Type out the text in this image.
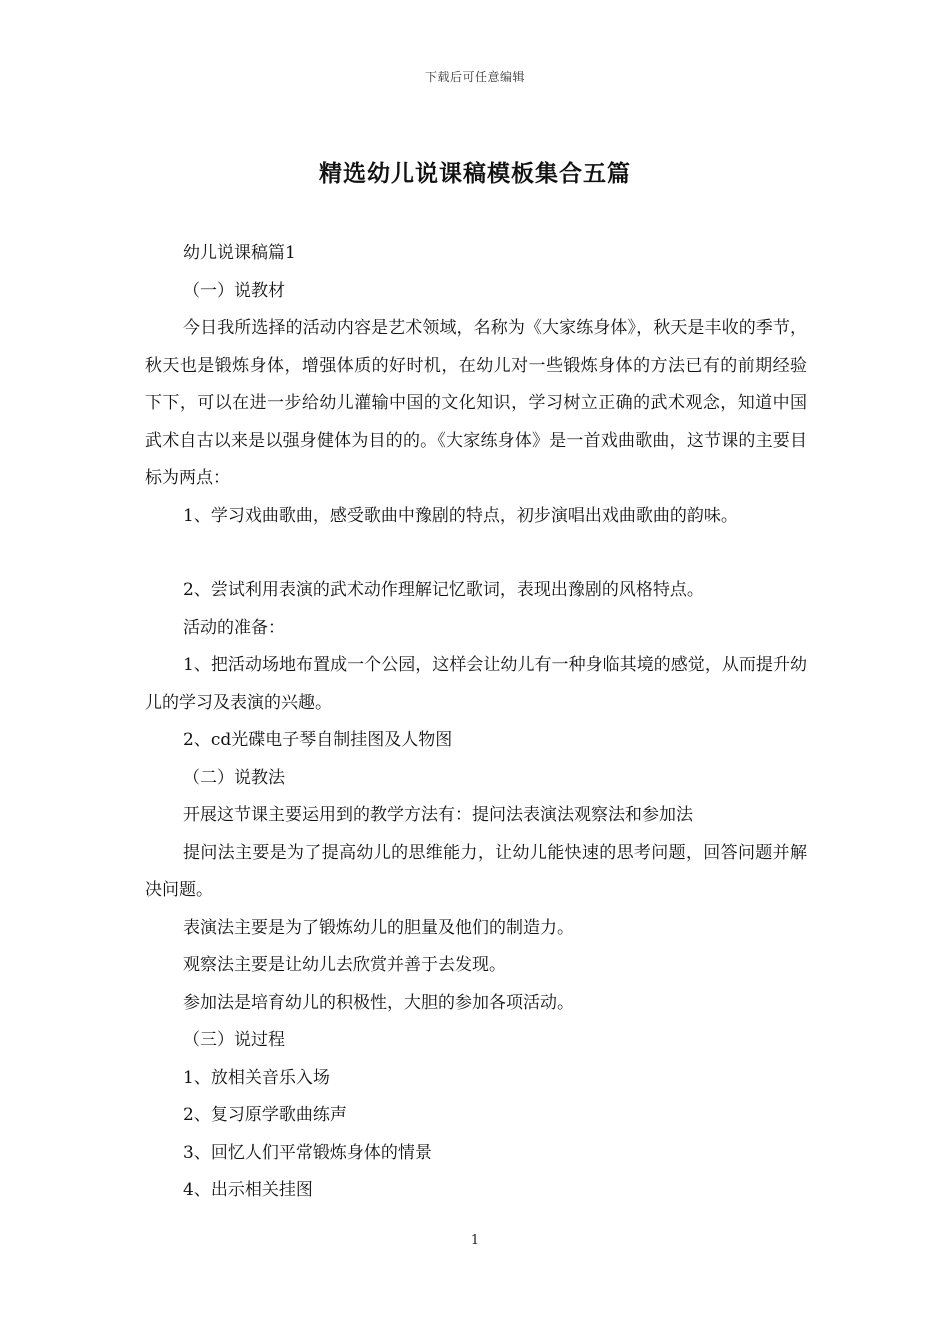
下载后可任意编辑
精选幼儿说课稿模板集合五篇

幼儿说课稿篇1

（一）说教材

今日我所选择的活动内容是艺术领域，名称为《大家练身体》，秋天是丰收的季节，秋天也是锻炼身体，增强体质的好时机，在幼儿对一些锻炼身体的方法已有的前期经验下下，可以在进一步给幼儿灌输中国的文化知识，学习树立正确的武术观念，知道中国武术自古以来是以强身健体为目的的。《大家练身体》是一首戏曲歌曲，这节课的主要目标为两点：

1、学习戏曲歌曲，感受歌曲中豫剧的特点，初步演唱出戏曲歌曲的韵味。

2、尝试利用表演的武术动作理解记忆歌词，表现出豫剧的风格特点。

活动的准备：

1、把活动场地布置成一个公园，这样会让幼儿有一种身临其境的感觉，从而提升幼儿的学习及表演的兴趣。

2、cd光碟电子琴自制挂图及人物图

（二）说教法

开展这节课主要运用到的教学方法有：提问法表演法观察法和参加法

提问法主要是为了提高幼儿的思维能力，让幼儿能快速的思考问题，回答问题并解决问题。

表演法主要是为了锻炼幼儿的胆量及他们的制造力。

观察法主要是让幼儿去欣赏并善于去发现。

参加法是培育幼儿的积极性，大胆的参加各项活动。

（三）说过程

1、放相关音乐入场

2、复习原学歌曲练声

3、回忆人们平常锻炼身体的情景

4、出示相关挂图

1
